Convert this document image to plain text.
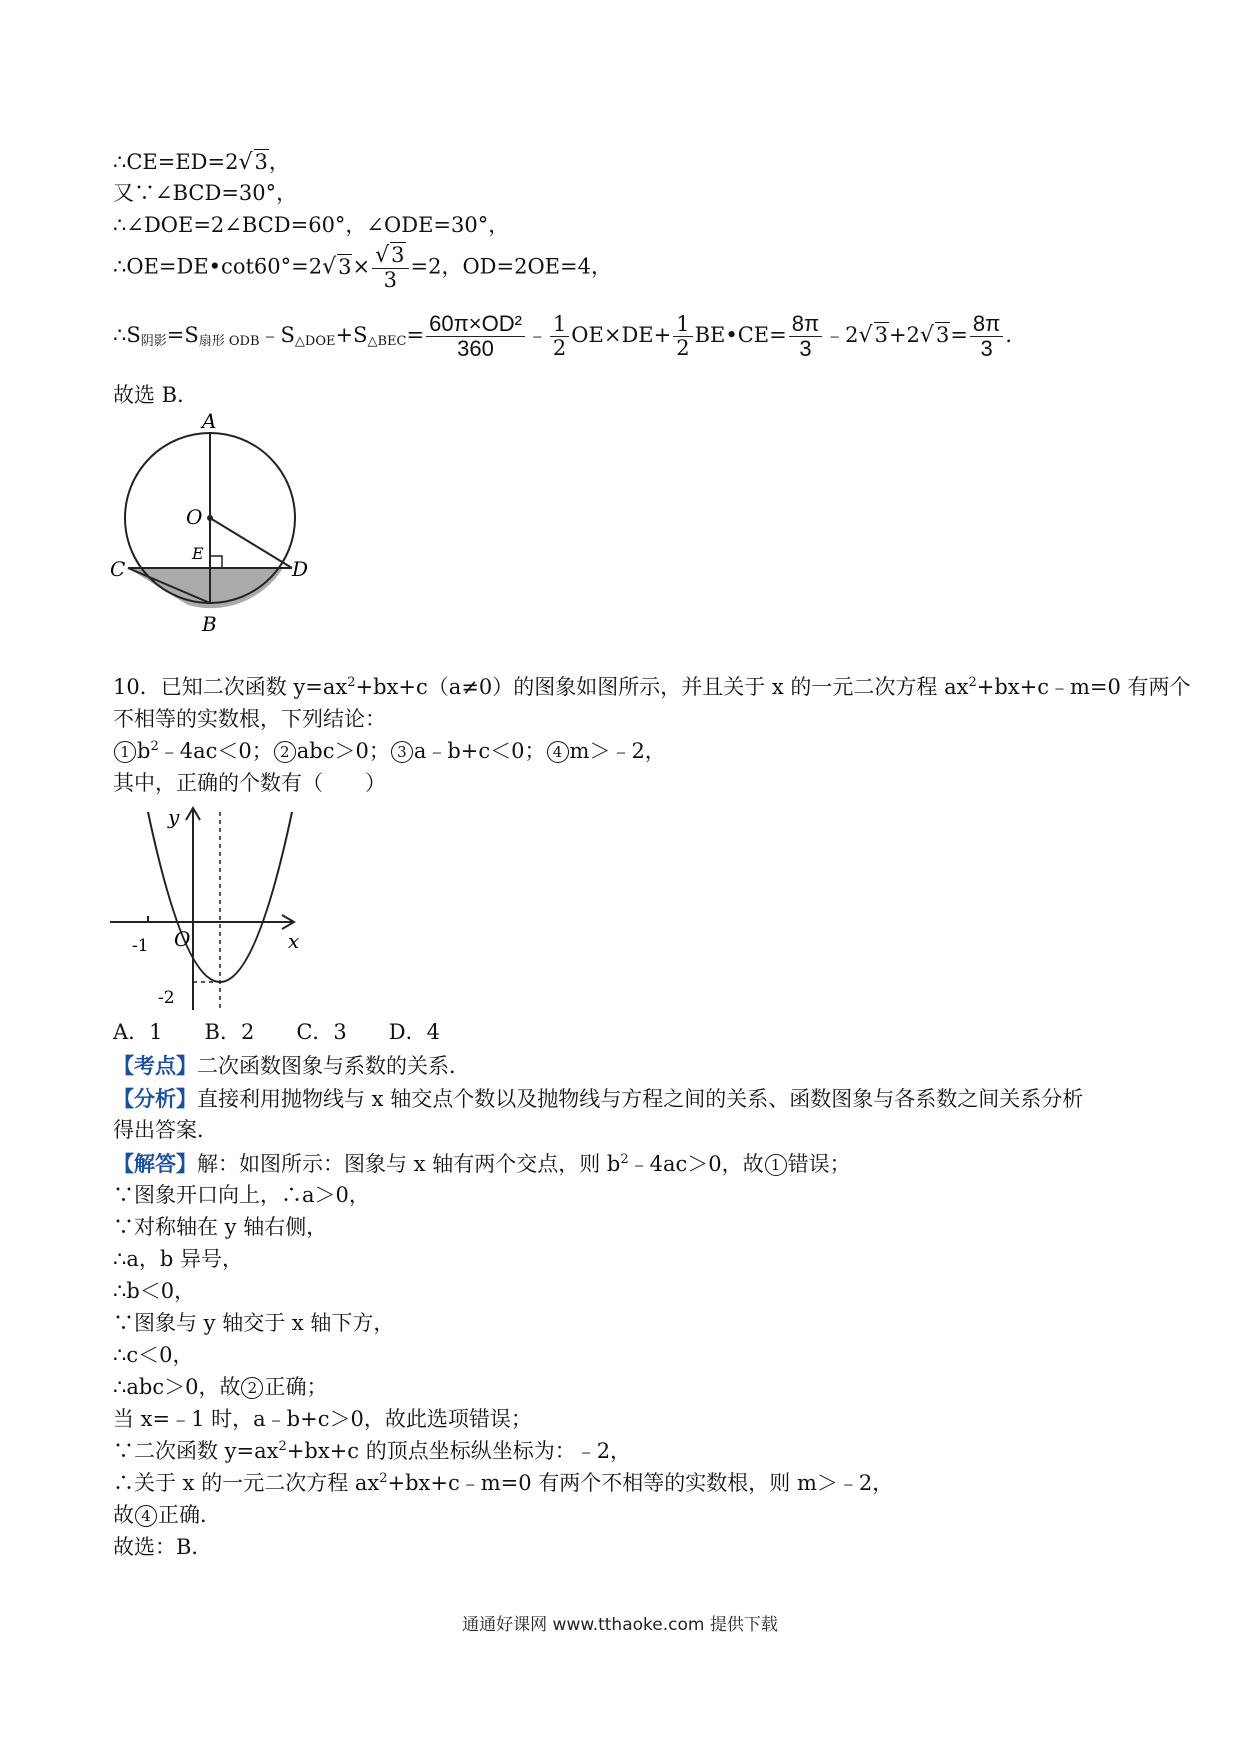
∴CE=ED=2√3，
又∵∠BCD=30°，
∴∠DOE=2∠BCD=60°，∠ODE=30°，
∴OE=DE•cot60°=2√3× $\frac{√3}{3} =2$，OD=2OE=4，
$\therefore S_{阴影}=S_{扇形 ODB}﹣S_{\triangle DOE}+S_{\triangle BEC}= \frac{\text{60π×OD²}}{360}$ ﹣ $\frac{1}{2} OE\times DE+ \frac{1}{2}$ BE•CE= $\frac{8\pi}{3}$ ﹣2√3+2√3= $\frac{8\pi}{3}$ ．
故选 B．
A
O
E
C	D
B
10．已知二次函数 $y=ax^2+bx+c(a\ne 0)$的图象如图所示，并且关于 x 的一元二次方程 $ax^2+bx+c﹣m=0$ 有两个
不相等的实数根，下列结论：
1 $b^2﹣4ac<0$； 2 abc＞0； 3 a﹣b+c＜0； 4 m＞﹣2，
其中，正确的个数有（　　）
y
x
O
-1
-2
A．1　　B．2　　C．3　　D．4
【考点】二次函数图象与系数的关系．
【分析】直接利用抛物线与 x 轴交点个数以及抛物线与方程之间的关系、函数图象与各系数之间关系分析
得出答案．
【解答】解：如图所示：图象与 x 轴有两个交点，则 $b^2﹣4ac>0$，故 1 错误；
∵图象开口向上，∴a＞0，
∵对称轴在 y 轴右侧，
∴a，b 异号，
∴b＜0，
∵图象与 y 轴交于 x 轴下方，
∴c＜0，
∴abc＞0，故 2 正确；
当 x=﹣1 时，a﹣b+c＞0，故此选项错误；
∵二次函数 $y=ax^2+bx+c$ 的顶点坐标纵坐标为：﹣2，
∴关于 x 的一元二次方程 $ax^2+bx+c﹣m=0$ 有两个不相等的实数根，则 m＞﹣2，
故 4 正确．
故选：B．
通通好课网 www.tthaoke.com 提供下载
